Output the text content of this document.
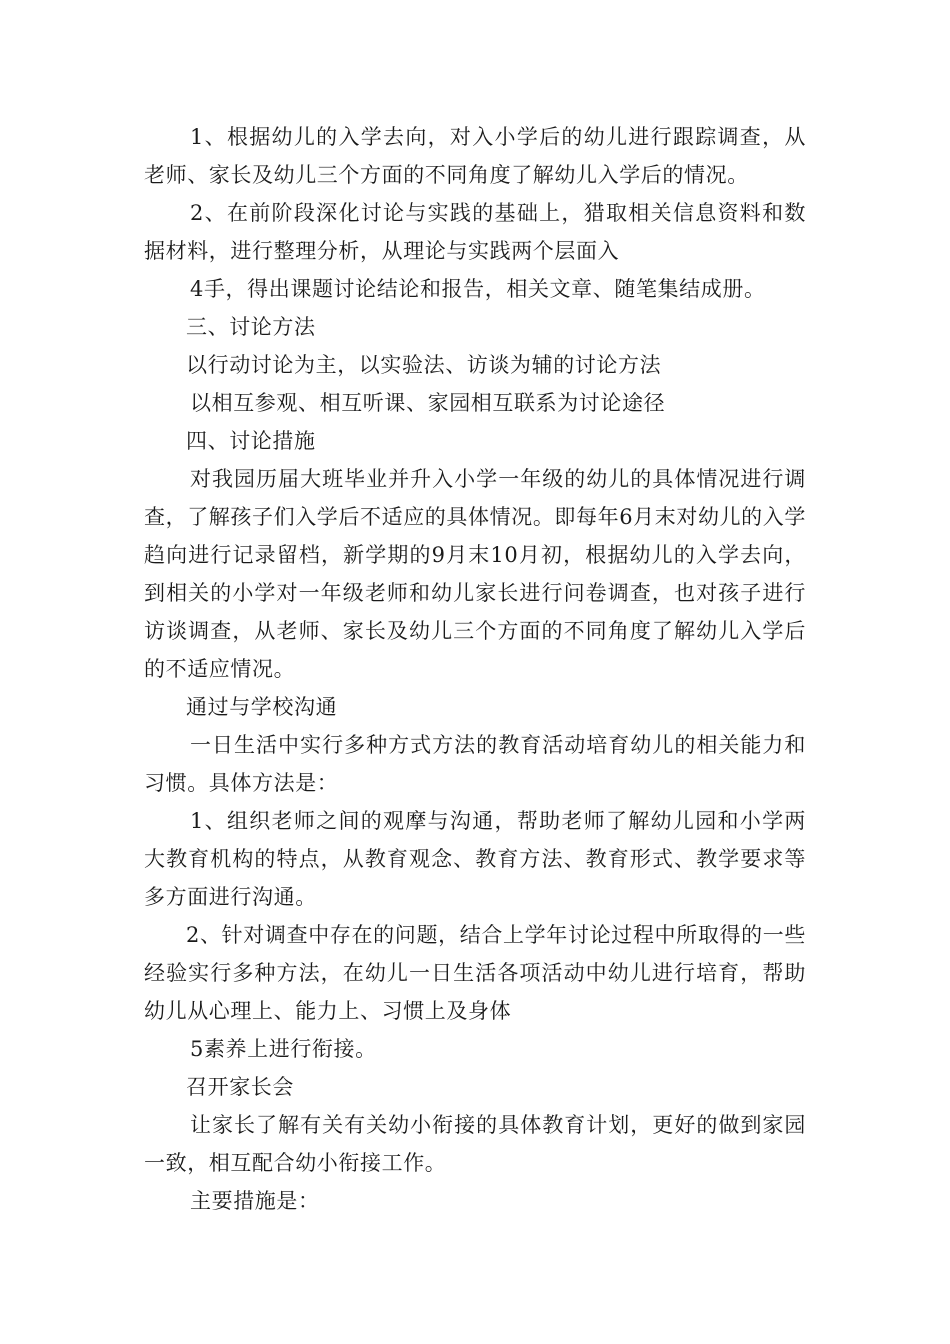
1、根据幼儿的入学去向，对入小学后的幼儿进行跟踪调查，从老师、家长及幼儿三个方面的不同角度了解幼儿入学后的情况。

2、在前阶段深化讨论与实践的基础上，猎取相关信息资料和数据材料，进行整理分析，从理论与实践两个层面入

4手，得出课题讨论结论和报告，相关文章、随笔集结成册。

三、讨论方法

以行动讨论为主，以实验法、访谈为辅的讨论方法

以相互参观、相互听课、家园相互联系为讨论途径

四、讨论措施

对我园历届大班毕业并升入小学一年级的幼儿的具体情况进行调查，了解孩子们入学后不适应的具体情况。即每年6月末对幼儿的入学趋向进行记录留档，新学期的9月末10月初，根据幼儿的入学去向，到相关的小学对一年级老师和幼儿家长进行问卷调查，也对孩子进行访谈调查，从老师、家长及幼儿三个方面的不同角度了解幼儿入学后的不适应情况。

通过与学校沟通

一日生活中实行多种方式方法的教育活动培育幼儿的相关能力和习惯。具体方法是：

1、组织老师之间的观摩与沟通，帮助老师了解幼儿园和小学两大教育机构的特点，从教育观念、教育方法、教育形式、教学要求等多方面进行沟通。

2、针对调查中存在的问题，结合上学年讨论过程中所取得的一些经验实行多种方法，在幼儿一日生活各项活动中幼儿进行培育，帮助幼儿从心理上、能力上、习惯上及身体

5素养上进行衔接。

召开家长会

让家长了解有关有关幼小衔接的具体教育计划，更好的做到家园一致，相互配合幼小衔接工作。

主要措施是：
